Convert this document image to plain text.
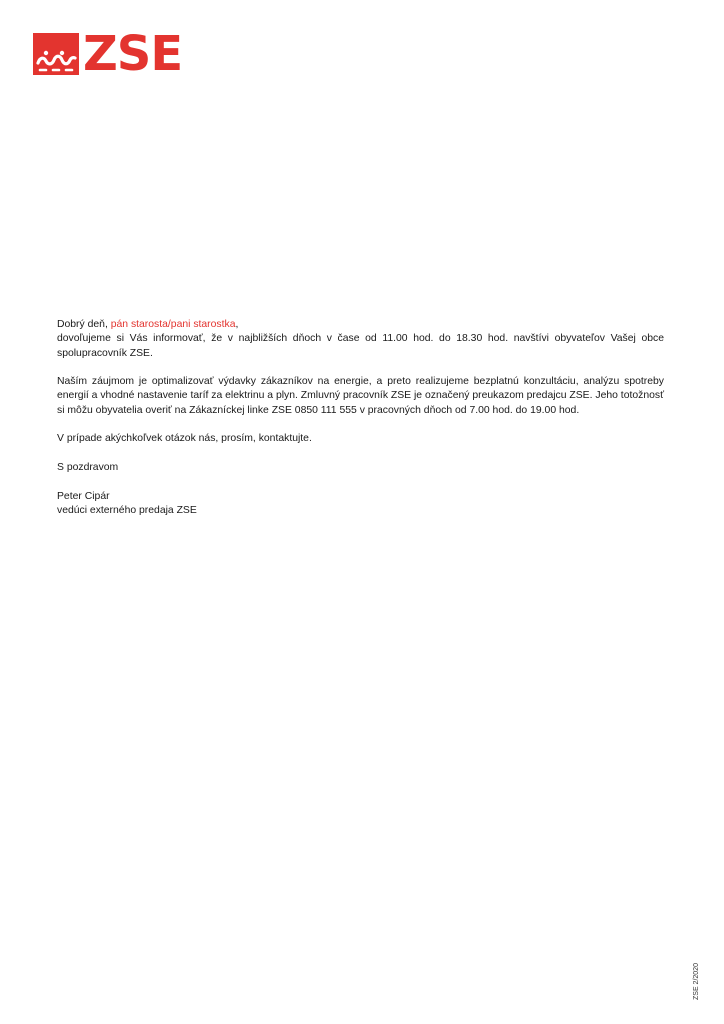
ZSE
Dobrý deň, pán starosta/pani starostka,

dovoľujeme si Vás informovať, že v najbližších dňoch v čase od 11.00 hod. do 18.30 hod. navštívi obyvateľov Vašej obce spolupracovník ZSE.

Naším záujmom je optimalizovať výdavky zákazníkov na energie, a preto realizujeme bezplatnú konzultáciu, analýzu spotreby energií a vhodné nastavenie taríf za elektrinu a plyn. Zmluvný pracovník ZSE je označený preukazom predajcu ZSE. Jeho totožnosť si môžu obyvatelia overiť na Zákazníckej linke ZSE 0850 111 555 v pracovných dňoch od 7.00 hod. do 19.00 hod.

V prípade akýchkoľvek otázok nás, prosím, kontaktujte.

S pozdravom

Peter Cipár
vedúci externého predaja ZSE
ZSE 2/2020
